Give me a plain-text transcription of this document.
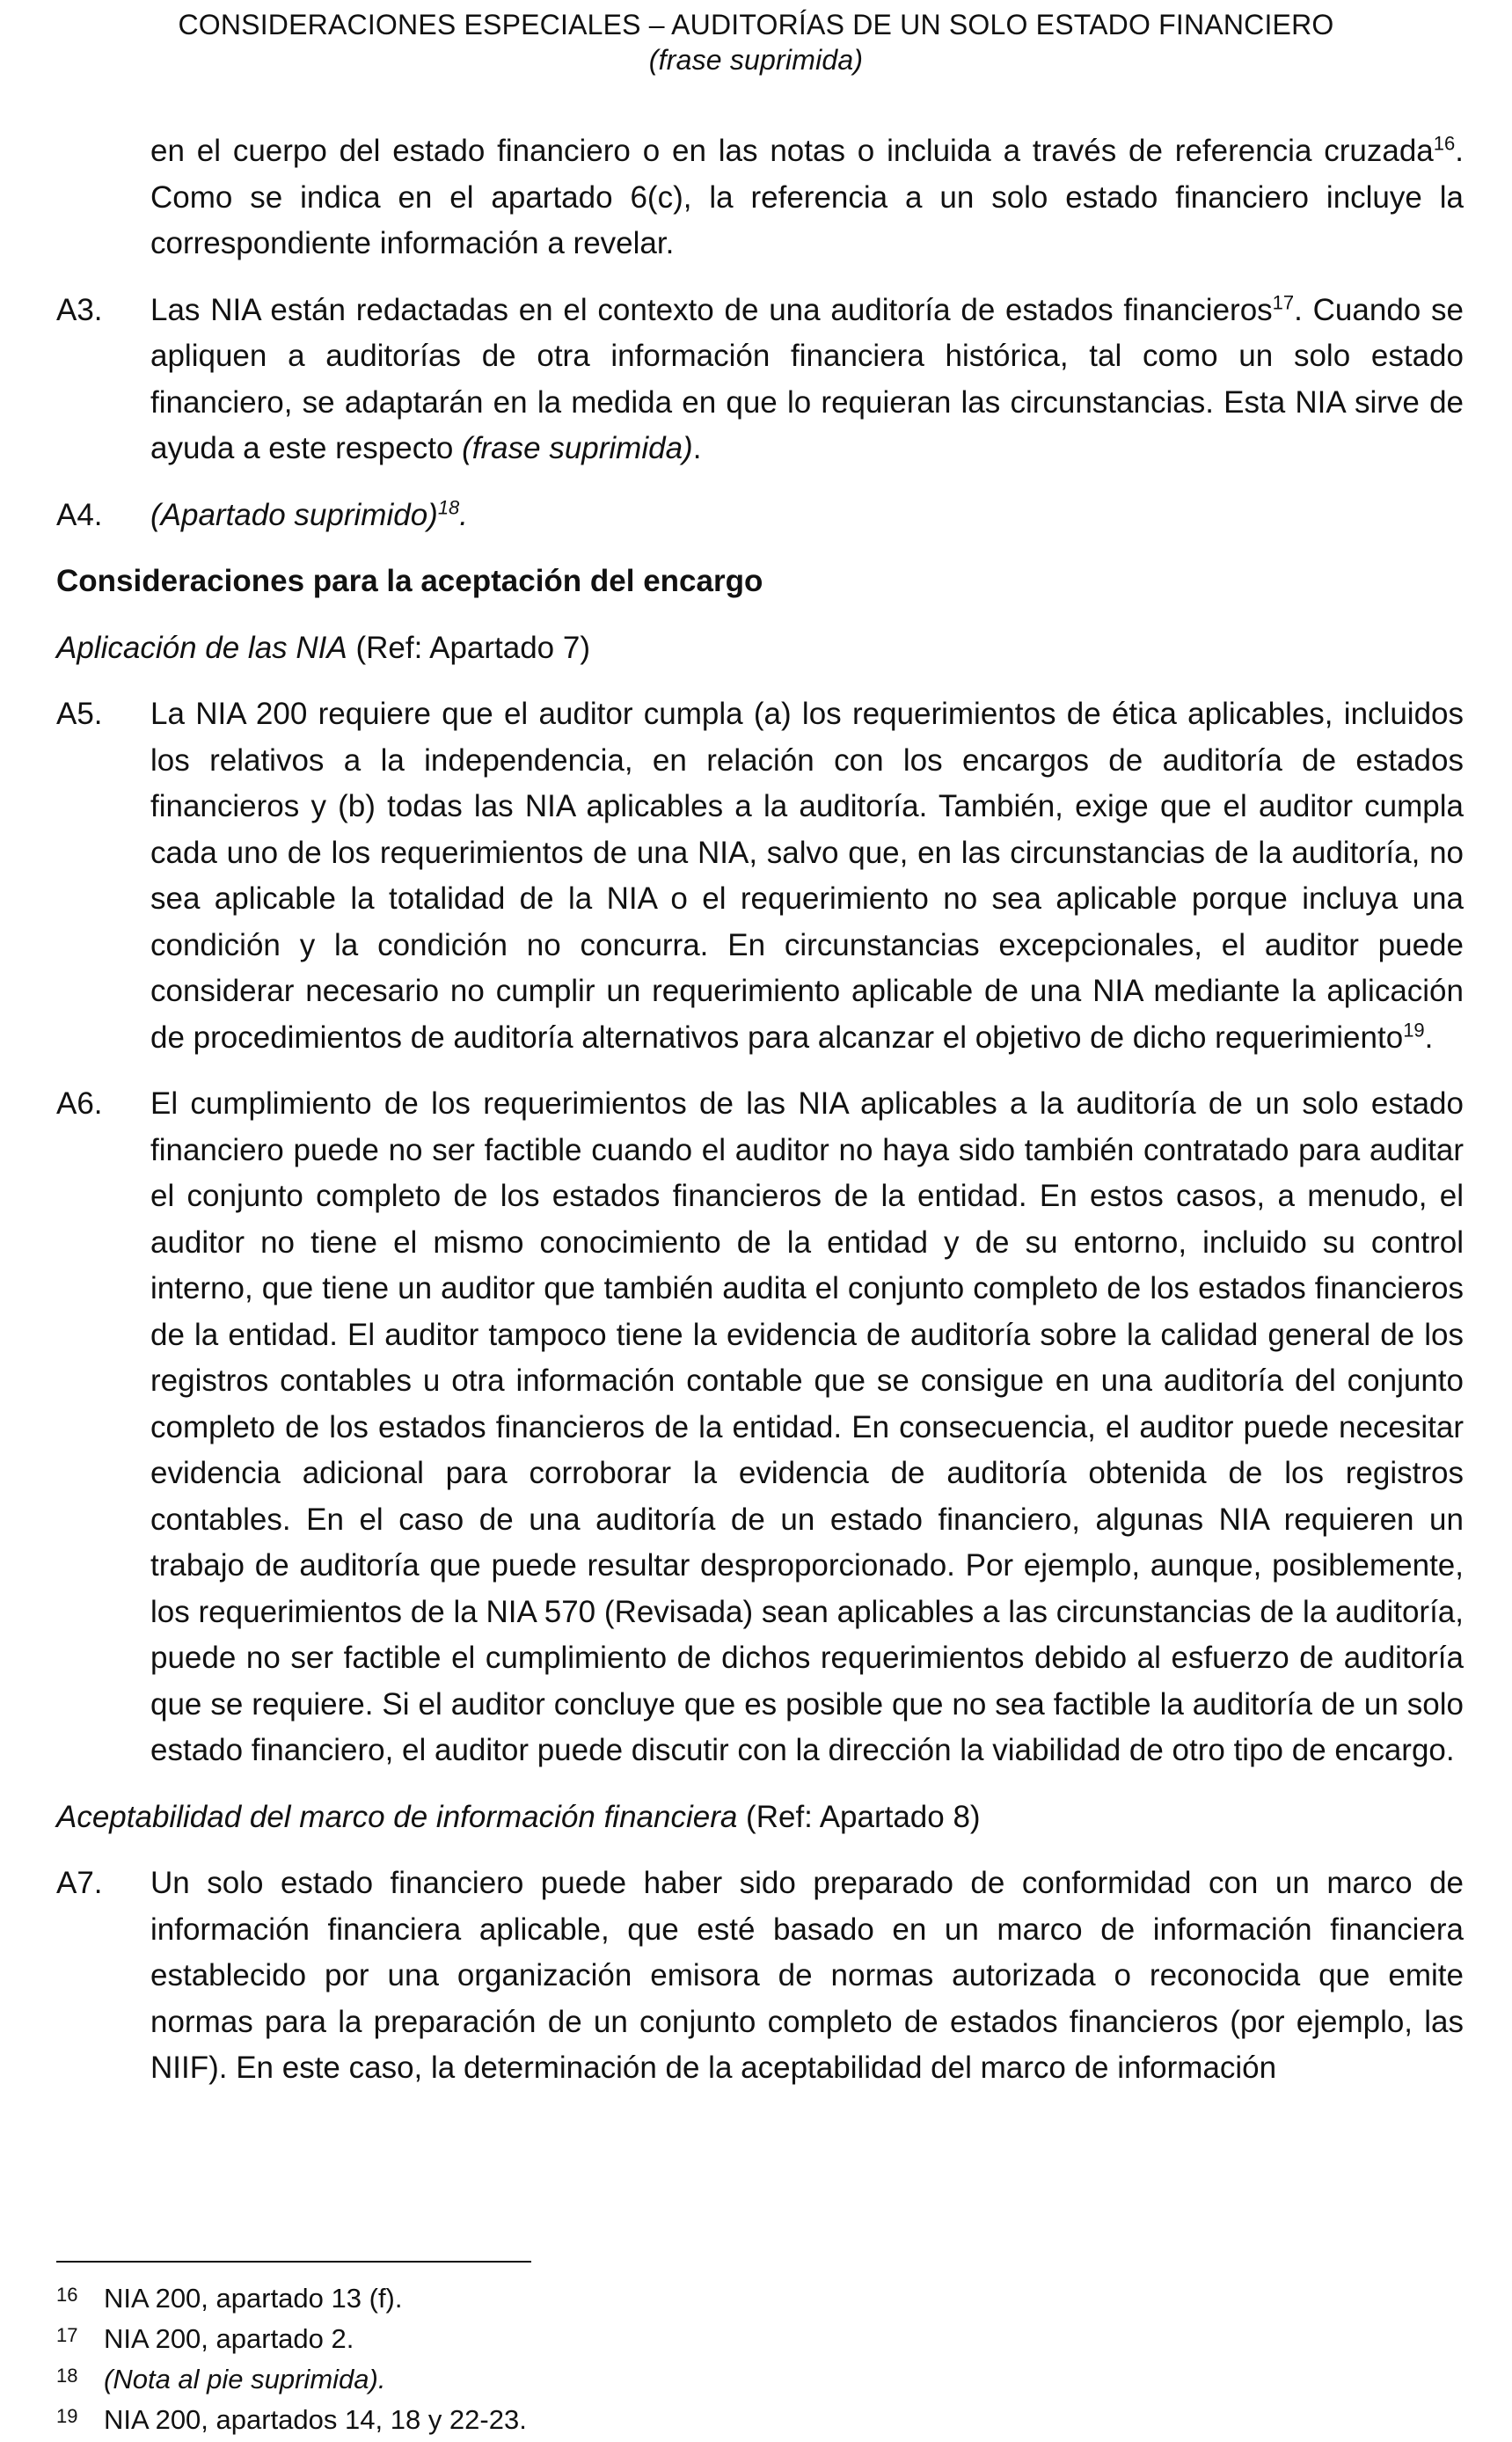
CONSIDERACIONES ESPECIALES – AUDITORÍAS DE UN SOLO ESTADO FINANCIERO
(frase suprimida)

en el cuerpo del estado financiero o en las notas o incluida a través de referencia cruzada$^{16}$. Como se indica en el apartado 6(c), la referencia a un solo estado financiero incluye la correspondiente información a revelar.

A3. Las NIA están redactadas en el contexto de una auditoría de estados financieros$^{17}$. Cuando se apliquen a auditorías de otra información financiera histórica, tal como un solo estado financiero, se adaptarán en la medida en que lo requieran las circunstancias. Esta NIA sirve de ayuda a este respecto (frase suprimida).

A4. (Apartado suprimido)$^{18}$.

Consideraciones para la aceptación del encargo

Aplicación de las NIA (Ref: Apartado 7)

A5. La NIA 200 requiere que el auditor cumpla (a) los requerimientos de ética aplicables, incluidos los relativos a la independencia, en relación con los encargos de auditoría de estados financieros y (b) todas las NIA aplicables a la auditoría. También, exige que el auditor cumpla cada uno de los requerimientos de una NIA, salvo que, en las circunstancias de la auditoría, no sea aplicable la totalidad de la NIA o el requerimiento no sea aplicable porque incluya una condición y la condición no concurra. En circunstancias excepcionales, el auditor puede considerar necesario no cumplir un requerimiento aplicable de una NIA mediante la aplicación de procedimientos de auditoría alternativos para alcanzar el objetivo de dicho requerimiento$^{19}$.

A6. El cumplimiento de los requerimientos de las NIA aplicables a la auditoría de un solo estado financiero puede no ser factible cuando el auditor no haya sido también contratado para auditar el conjunto completo de los estados financieros de la entidad. En estos casos, a menudo, el auditor no tiene el mismo conocimiento de la entidad y de su entorno, incluido su control interno, que tiene un auditor que también audita el conjunto completo de los estados financieros de la entidad. El auditor tampoco tiene la evidencia de auditoría sobre la calidad general de los registros contables u otra información contable que se consigue en una auditoría del conjunto completo de los estados financieros de la entidad. En consecuencia, el auditor puede necesitar evidencia adicional para corroborar la evidencia de auditoría obtenida de los registros contables. En el caso de una auditoría de un estado financiero, algunas NIA requieren un trabajo de auditoría que puede resultar desproporcionado. Por ejemplo, aunque, posiblemente, los requerimientos de la NIA 570 (Revisada) sean aplicables a las circunstancias de la auditoría, puede no ser factible el cumplimiento de dichos requerimientos debido al esfuerzo de auditoría que se requiere. Si el auditor concluye que es posible que no sea factible la auditoría de un solo estado financiero, el auditor puede discutir con la dirección la viabilidad de otro tipo de encargo.

Aceptabilidad del marco de información financiera (Ref: Apartado 8)

A7. Un solo estado financiero puede haber sido preparado de conformidad con un marco de información financiera aplicable, que esté basado en un marco de información financiera establecido por una organización emisora de normas autorizada o reconocida que emite normas para la preparación de un conjunto completo de estados financieros (por ejemplo, las NIIF). En este caso, la determinación de la aceptabilidad del marco de información

16 NIA 200, apartado 13 (f).
17 NIA 200, apartado 2.
18 (Nota al pie suprimida).
19 NIA 200, apartados 14, 18 y 22-23.
